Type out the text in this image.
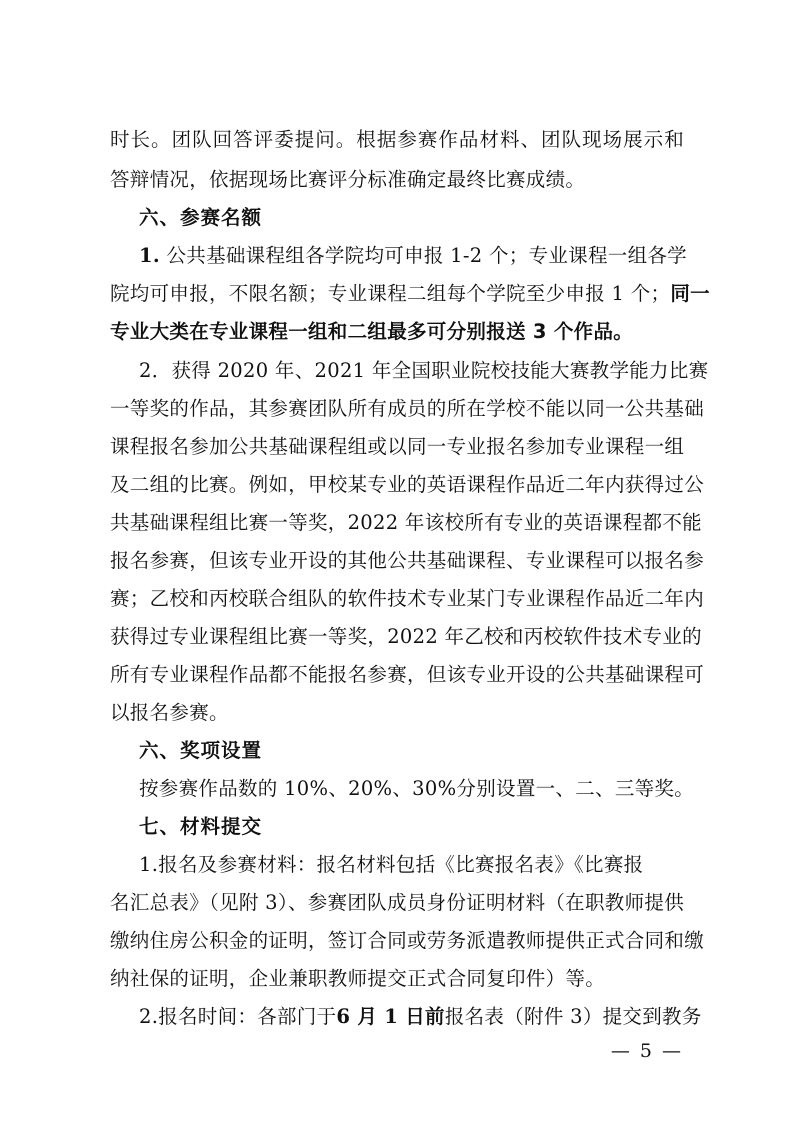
时长。团队回答评委提问。根据参赛作品材料、团队现场展示和
答辩情况，依据现场比赛评分标准确定最终比赛成绩。
六、参赛名额
1. 公共基础课程组各学院均可申报 1-2 个；专业课程一组各学
院均可申报，不限名额；专业课程二组每个学院至少申报 1 个；同一
专业大类在专业课程一组和二组最多可分别报送 3 个作品。
2．获得 2020 年、2021 年全国职业院校技能大赛教学能力比赛
一等奖的作品，其参赛团队所有成员的所在学校不能以同一公共基础
课程报名参加公共基础课程组或以同一专业报名参加专业课程一组
及二组的比赛。例如，甲校某专业的英语课程作品近二年内获得过公
共基础课程组比赛一等奖，2022 年该校所有专业的英语课程都不能
报名参赛，但该专业开设的其他公共基础课程、专业课程可以报名参
赛；乙校和丙校联合组队的软件技术专业某门专业课程作品近二年内
获得过专业课程组比赛一等奖，2022 年乙校和丙校软件技术专业的
所有专业课程作品都不能报名参赛，但该专业开设的公共基础课程可
以报名参赛。
六、奖项设置
按参赛作品数的 10%、20%、30%分别设置一、二、三等奖。
七、材料提交
1.报名及参赛材料：报名材料包括《比赛报名表》《比赛报
名汇总表》（见附 3）、参赛团队成员身份证明材料（在职教师提供
缴纳住房公积金的证明，签订合同或劳务派遣教师提供正式合同和缴
纳社保的证明，企业兼职教师提交正式合同复印件）等。
2.报名时间：各部门于6 月 1 日前报名表（附件 3）提交到教务
— 5 —
